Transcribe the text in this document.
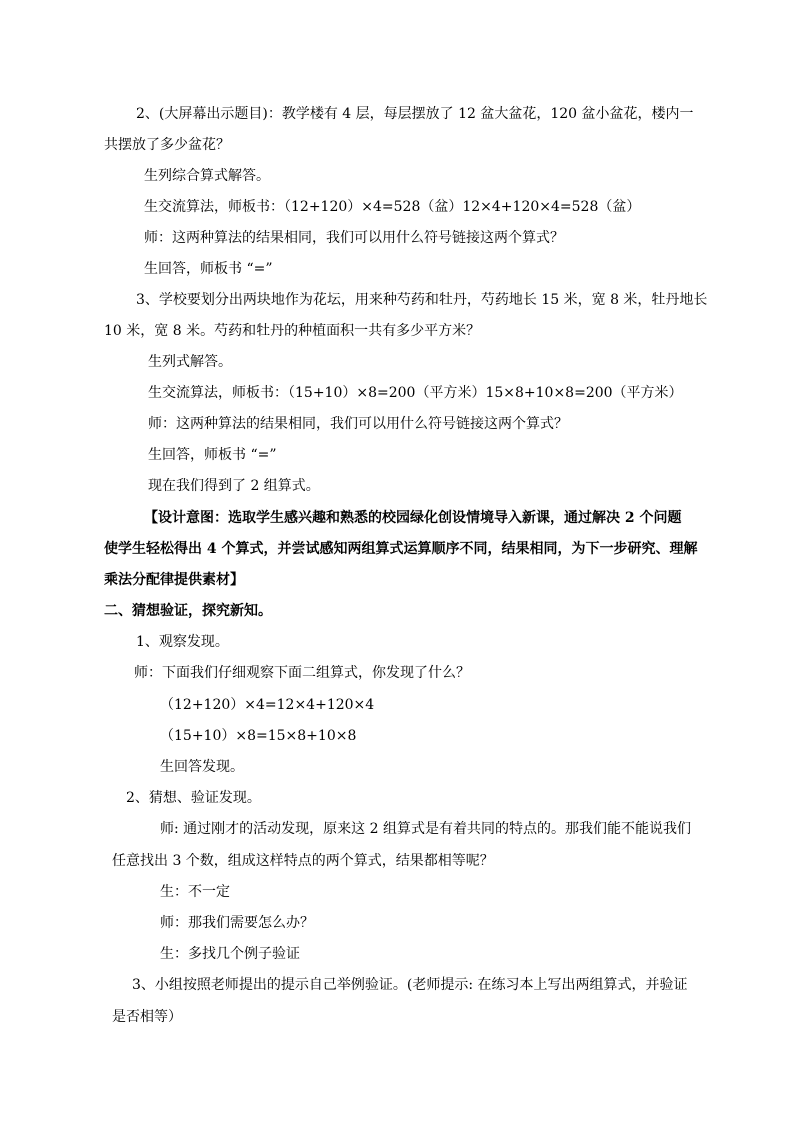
2、(大屏幕出示题目)：教学楼有 4 层，每层摆放了 12 盆大盆花，120 盆小盆花，楼内一
共摆放了多少盆花？
生列综合算式解答。
生交流算法，师板书：（12+120）×4=528（盆）12×4+120×4=528（盆）
师：这两种算法的结果相同，我们可以用什么符号链接这两个算式？
生回答，师板书 “=”
3、学校要划分出两块地作为花坛，用来种芍药和牡丹，芍药地长 15 米，宽 8 米，牡丹地长
10 米，宽 8 米。芍药和牡丹的种植面积一共有多少平方米？
生列式解答。
生交流算法，师板书：（15+10）×8=200（平方米）15×8+10×8=200（平方米）
师：这两种算法的结果相同，我们可以用什么符号链接这两个算式？
生回答，师板书 “=”
现在我们得到了 2 组算式。
【设计意图：选取学生感兴趣和熟悉的校园绿化创设情境导入新课，通过解决 2 个问题
使学生轻松得出 4 个算式，并尝试感知两组算式运算顺序不同，结果相同，为下一步研究、理解
乘法分配律提供素材】
二、猜想验证，探究新知。
1、观察发现。
师：下面我们仔细观察下面二组算式，你发现了什么？
（12+120）×4=12×4+120×4
（15+10）×8=15×8+10×8
生回答发现。
2、猜想、验证发现。
师: 通过刚才的活动发现，原来这 2 组算式是有着共同的特点的。那我们能不能说我们
任意找出 3 个数，组成这样特点的两个算式，结果都相等呢？
生：不一定
师：那我们需要怎么办？
生：多找几个例子验证
3、小组按照老师提出的提示自己举例验证。(老师提示: 在练习本上写出两组算式，并验证
是否相等）
